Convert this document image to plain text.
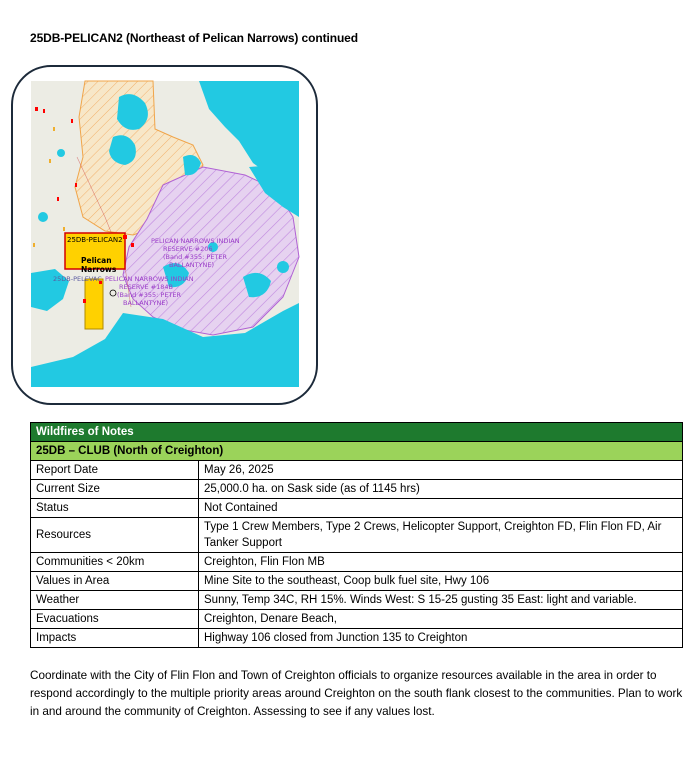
25DB-PELICAN2 (Northeast of Pelican Narrows) continued
25DB-PELICAN2
Pelican
Narrows
25DB-PELEVAC
PELICAN NARROWS INDIAN
RESERVE #206
(Band #355: PETER
BALLANTYNE)
PELICAN NARROWS INDIAN
RESERVE #184B
(Band #355: PETER
BALLANTYNE)
Wildfires of Notes	
25DB – CLUB (North of Creighton)	
Report Date	May 26, 2025
Current Size	25,000.0 ha. on Sask side (as of 1145 hrs)
Status	Not Contained
Resources	Type 1 Crew Members, Type 2 Crews, Helicopter Support, Creighton FD, Flin Flon FD, Air Tanker Support
Communities < 20km	Creighton, Flin Flon MB
Values in Area	Mine Site to the southeast, Coop bulk fuel site, Hwy 106
Weather	Sunny, Temp 34C, RH 15%. Winds West: S 15-25 gusting 35 East: light and variable.
Evacuations	Creighton, Denare Beach,
Impacts	Highway 106 closed from Junction 135 to Creighton
Coordinate with the City of Flin Flon and Town of Creighton officials to organize resources available in the area in order to respond accordingly to the multiple priority areas around Creighton on the south flank closest to the communities. Plan to work in and around the community of Creighton. Assessing to see if any values lost.
